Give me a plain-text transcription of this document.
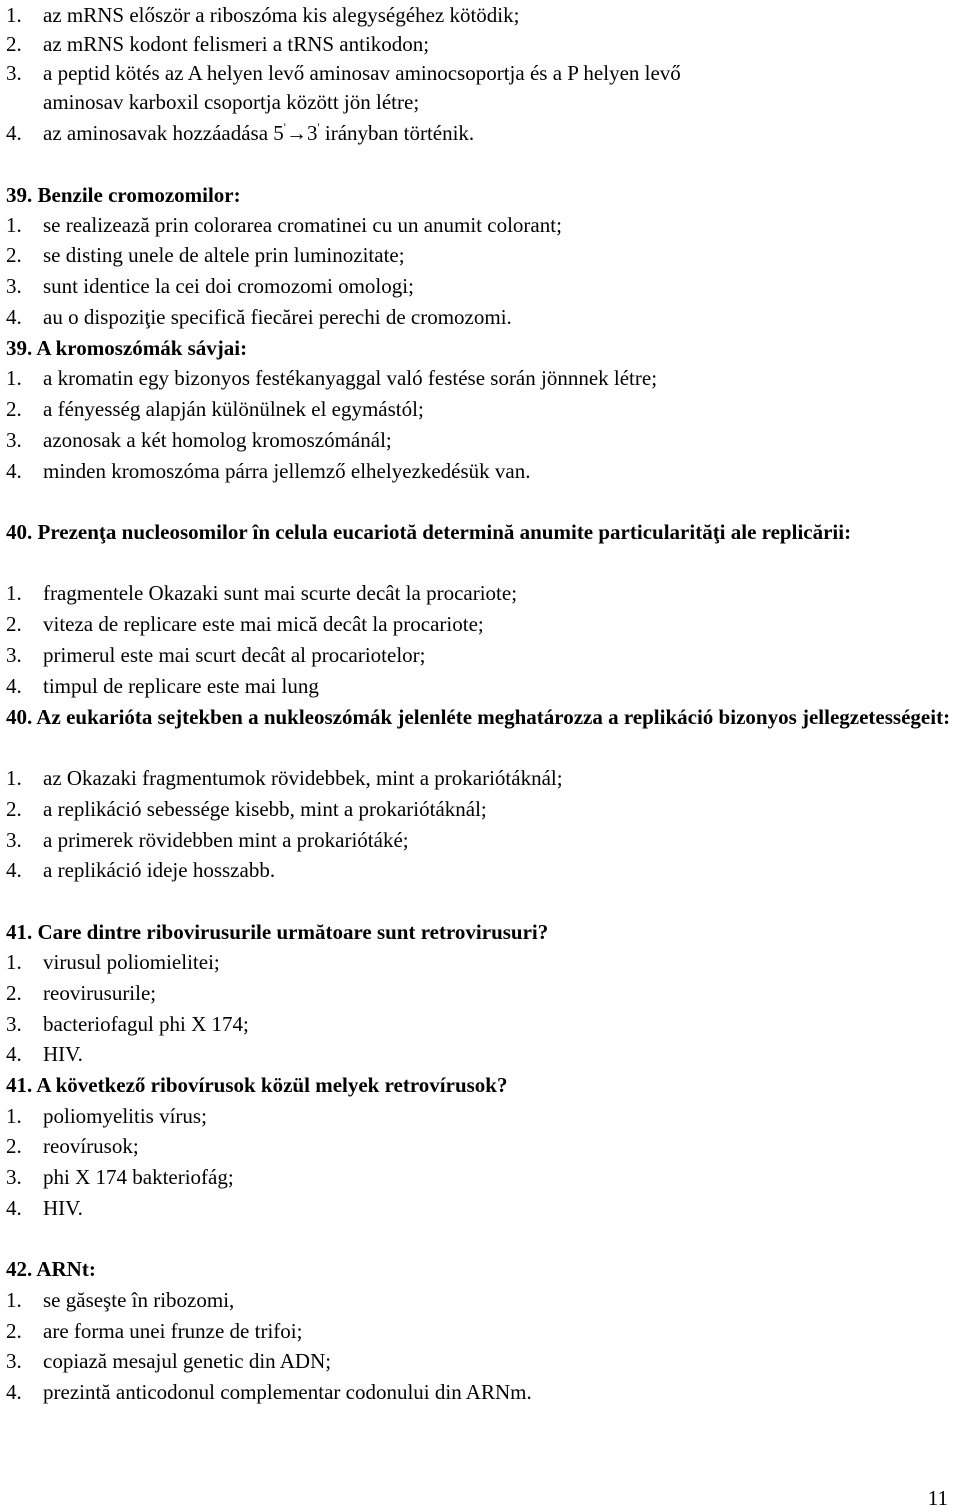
1. az mRNS először a riboszóma kis alegységéhez kötödik;
2. az mRNS kodont felismeri a tRNS antikodon;
3. a peptid kötés az A helyen levő aminosav aminocsoportja és a P helyen levő
aminosav karboxil csoportja között jön létre;
4. az aminosavak hozzáadása 5'→3' irányban történik.
39. Benzile cromozomilor:
1. se realizează prin colorarea cromatinei cu un anumit colorant;
2. se disting unele de altele prin luminozitate;
3. sunt identice la cei doi cromozomi omologi;
4. au o dispoziţie specifică fiecărei perechi de cromozomi.
39. A kromoszómák sávjai:
1. a kromatin egy bizonyos festékanyaggal való festése során jönnnek létre;
2. a fényesség alapján különülnek el egymástól;
3. azonosak a két homolog kromoszómánál;
4. minden kromoszóma párra jellemző elhelyezkedésük van.
40. Prezenţa nucleosomilor în celula eucariotă determină anumite particularităţi ale replicării:
1. fragmentele Okazaki sunt mai scurte decât la procariote;
2. viteza de replicare este mai mică decât la procariote;
3. primerul este mai scurt decât al procariotelor;
4. timpul de replicare este mai lung
40. Az eukarióta sejtekben a nukleoszómák jelenléte meghatározza a replikáció bizonyos jellegzetességeit:
1. az Okazaki fragmentumok rövidebbek, mint a prokariótáknál;
2. a replikáció sebessége kisebb, mint a prokariótáknál;
3. a primerek rövidebben mint a prokariótáké;
4. a replikáció ideje hosszabb.
41. Care dintre ribovirusurile următoare sunt retrovirusuri?
1. virusul poliomielitei;
2. reovirusurile;
3. bacteriofagul phi X 174;
4. HIV.
41. A következő ribovírusok közül melyek retrovírusok?
1. poliomyelitis vírus;
2. reovírusok;
3. phi X 174 bakteriofág;
4. HIV.
42. ARNt:
1. se găseşte în ribozomi,
2. are forma unei frunze de trifoi;
3. copiază mesajul genetic din ADN;
4. prezintă anticodonul complementar codonului din ARNm.
11
